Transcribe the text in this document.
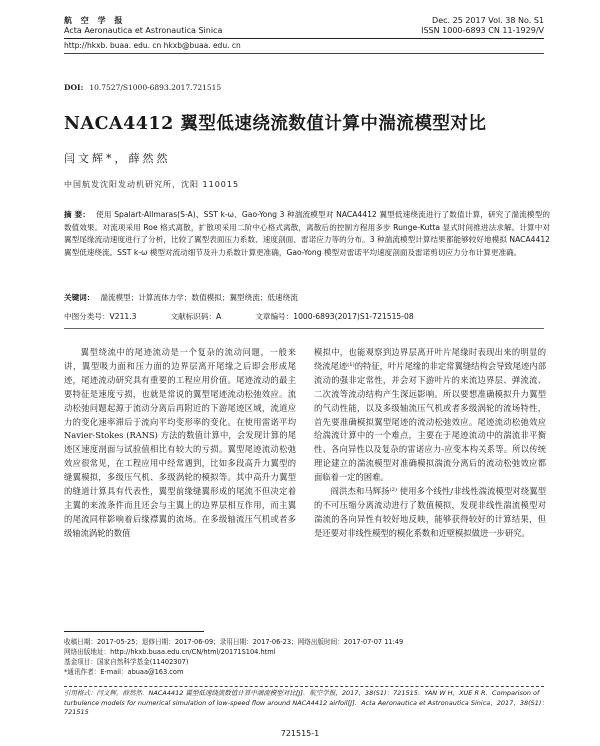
航 空 学 报
Acta Aeronautica et Astronautica Sinica
Dec. 25 2017 Vol. 38 No. S1
ISSN 1000-6893 CN 11-1929/V
http://hkxb. buaa. edu. cn hkxb@buaa. edu. cn
DOI: 10.7527/S1000-6893.2017.721515
NACA4412 翼型低速绕流数值计算中湍流模型对比
闫文辉*，薛然然
中国航发沈阳发动机研究所，沈阳 110015
摘 要： 使用 Spalart-Allmaras(S-A)、SST k-ω、Gao-Yong 3 种湍流模型对 NACA4412 翼型低速绕流进行了数值计算，研究了湍流模型的数值效果。对流项采用 Roe 格式离散，扩散项采用二阶中心格式离散，离散后的控制方程用多步 Runge-Kutta 显式时间推进法求解。计算中对翼型尾缘流动速度进行了分析，比较了翼型表面压力系数、速度剖面、雷诺应力等的分布。3 种湍流模型计算结果都能够较好地模拟 NACA4412 翼型低速绕流。SST k-ω 模型对流动细节及升力系数计算更准确，Gao-Yong 模型对雷诺平均速度剖面及雷诺剪切应力分布计算更准确。
关键词： 湍流模型；计算流体力学；数值模拟；翼型绕流；低速绕流
中图分类号：V211.3	文献标识码：A	文章编号：1000-6893(2017)S1-721515-08

翼型绕流中的尾迹流动是一个复杂的流动问题，一般来讲，翼型吸力面和压力面的边界层离开尾缘之后即会形成尾迹，尾迹流动研究具有重要的工程应用价值。尾迹流动的最主要特征是速度亏损，也就是常说的翼型尾迹流动松弛效应。流动松弛问题起源于流动分离后再附近的下游尾迹区域，流道应力的变化速率滞后于流向平均变形率的变化。在使用雷诺平均 Navier-Stokes (RANS) 方法的数值计算中，会发现计算的尾迹区速度剖面与试验值相比有较大的亏损。翼型尾迹流动松弛效应很常见，在工程应用中经常遇到，比如多段高升力翼型的缝翼模拟，多级压气机、多级涡轮的模拟等。其中高升力翼型的缝道计算具有代表性，翼型前缘缝翼形成的尾流不但决定着主翼的来流条件而且还会与主翼上的边界层相互作用，而主翼的尾流同样影响着后缘襟翼的流场。在多级轴流压气机或者多级轴流涡轮的数值

模拟中，也能观察到边界层离开叶片尾缘时表现出来的明显的绕流尾迹⁽¹⁾的特征，叶片尾缘的非定常翼缝结构会导致尾迹内部流动的强非定常性，并会对下游叶片的来流边界层、弹流流、二次流等流动结构产生深远影响。所以要想准确模拟升力翼型的气动性能，以及多级轴流压气机或者多级涡轮的流场特性，首先要准确模拟翼型尾迹的流动松弛效应。尾迹流动松弛效应给湍流计算中的一个难点，主要在于尾迹流动中的湍流非平衡性、各向异性以及复杂的雷诺应力-应变本构关系等。所以传统理论建立的湍流模型对准确模拟湍流分离后的流动松弛效应都面临着一定的困难。

阎洪杰和马辉扬⁽²⁾ 使用多个线性/非线性湍流模型对绕翼型的不可压缩分离流动进行了数值模拟，发现非线性湍流模型对湍流的各向异性有较好地反映，能够获得较好的计算结果，但是还要对非线性模型的模化系数和近壁模拟做进一步研究。

收稿日期：2017-05-25；退修日期：2017-06-09；录用日期：2017-06-23；网络出版时间：2017-07-07 11:49
网络出版地址：http://hkxb.buaa.edu.cn/CN/html/20171S104.html
基金项目：国家自然科学基金(11402307)
*通讯作者：E-mail：abuaa@163.com
引用格式：闫文辉，薛然然．NACA4412 翼型低速绕流数值计算中湍流模型对比[J]．航空学报，2017，38(S1)：721515．YAN W H，XUE R R．Comparison of turbulence models for numerical simulation of low-speed flow around NACA4412 airfoil[J]．Acta Aeronautica et Astronautica Sinica，2017，38(S1)：721515
721515-1
